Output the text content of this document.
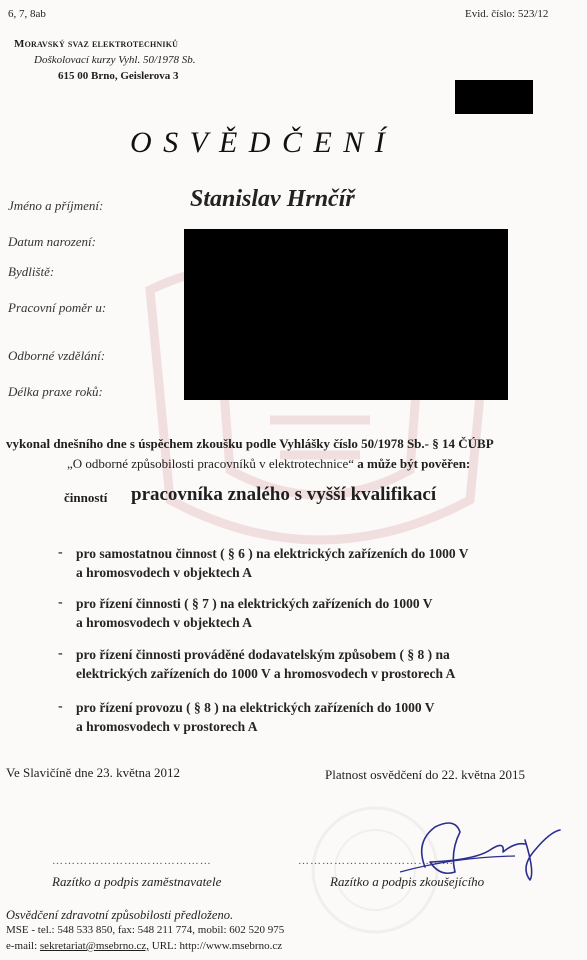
6, 7, 8ab	Evid. číslo: 523/12
Moravský svaz elektrotechniků
Doškolovací kurzy Vyhl. 50/1978 Sb.
615 00 Brno, Geislerova 3
O S V Ě D Č E N Í
Jméno a příjmení:	Stanislav Hrnčíř
Datum narození:
Bydliště:
Pracovní poměr u:
Odborné vzdělání:
Délka praxe roků:
vykonal dnešního dne s úspěchem zkoušku podle Vyhlášky číslo 50/1978 Sb.- § 14 ČÚBP
„O odborné způsobilosti pracovníků v elektrotechnice“ a může být pověřen:
činností pracovníka znalého s vyšší kvalifikací
- pro samostatnou činnost ( § 6 ) na elektrických zařízeních do 1000 V
a hromosvodech v objektech A
- pro řízení činnosti ( § 7 ) na elektrických zařízeních do 1000 V
a hromosvodech v objektech A
- pro řízení činnosti prováděné dodavatelským způsobem ( § 8 ) na
elektrických zařízeních do 1000 V a hromosvodech v prostorech A
- pro řízení provozu ( § 8 ) na elektrických zařízeních do 1000 V
a hromosvodech v prostorech A
Ve Slavičíně dne 23. května 2012	Platnost osvědčení do 22. května 2015
………………….………………	…………………………………
Razítko a podpis zaměstnavatele	Razítko a podpis zkoušejícího
Osvědčení zdravotní způsobilosti předloženo.
MSE - tel.: 548 533 850, fax: 548 211 774, mobil: 602 520 975
e-mail: sekretariat@msebrno.cz, URL: http://www.msebrno.cz
